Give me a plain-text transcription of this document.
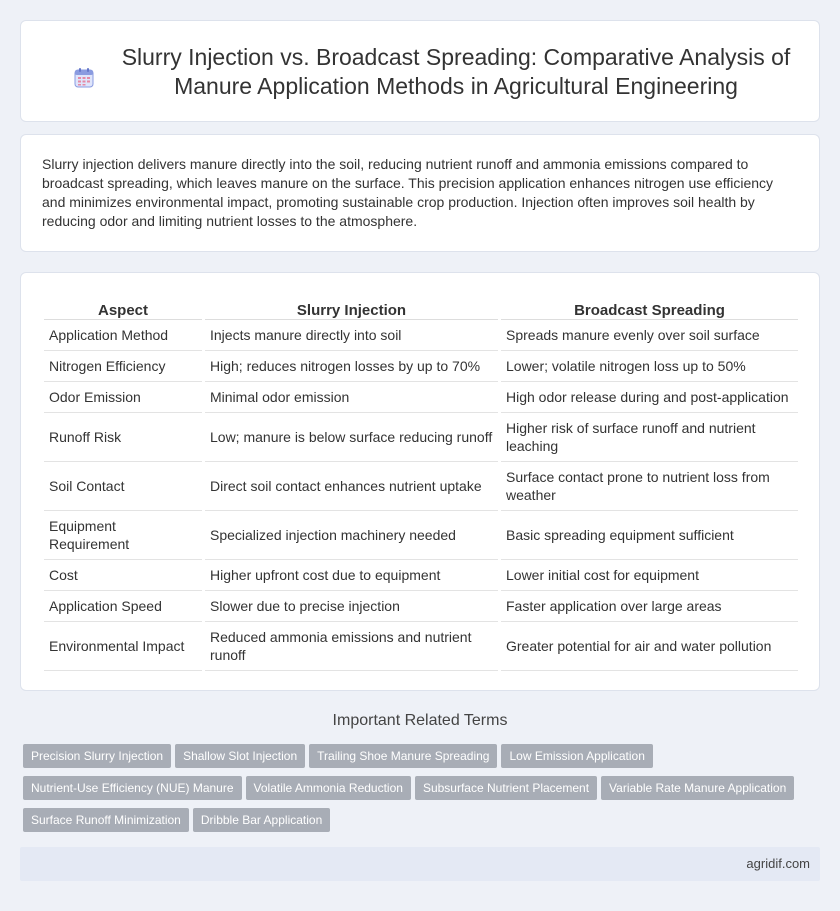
Slurry Injection vs. Broadcast Spreading: Comparative Analysis of Manure Application Methods in Agricultural Engineering
Slurry injection delivers manure directly into the soil, reducing nutrient runoff and ammonia emissions compared to broadcast spreading, which leaves manure on the surface. This precision application enhances nitrogen use efficiency and minimizes environmental impact, promoting sustainable crop production. Injection often improves soil health by reducing odor and limiting nutrient losses to the atmosphere.
Aspect	Slurry Injection	Broadcast Spreading
Application Method	Injects manure directly into soil	Spreads manure evenly over soil surface
Nitrogen Efficiency	High; reduces nitrogen losses by up to 70%	Lower; volatile nitrogen loss up to 50%
Odor Emission	Minimal odor emission	High odor release during and post-application
Runoff Risk	Low; manure is below surface reducing runoff	Higher risk of surface runoff and nutrient leaching
Soil Contact	Direct soil contact enhances nutrient uptake	Surface contact prone to nutrient loss from weather
Equipment Requirement	Specialized injection machinery needed	Basic spreading equipment sufficient
Cost	Higher upfront cost due to equipment	Lower initial cost for equipment
Application Speed	Slower due to precise injection	Faster application over large areas
Environmental Impact	Reduced ammonia emissions and nutrient runoff	Greater potential for air and water pollution
Important Related Terms
Precision Slurry Injection Shallow Slot Injection Trailing Shoe Manure Spreading Low Emission Application
Nutrient-Use Efficiency (NUE) Manure Volatile Ammonia Reduction Subsurface Nutrient Placement Variable Rate Manure Application
Surface Runoff Minimization Dribble Bar Application
agridif.com
